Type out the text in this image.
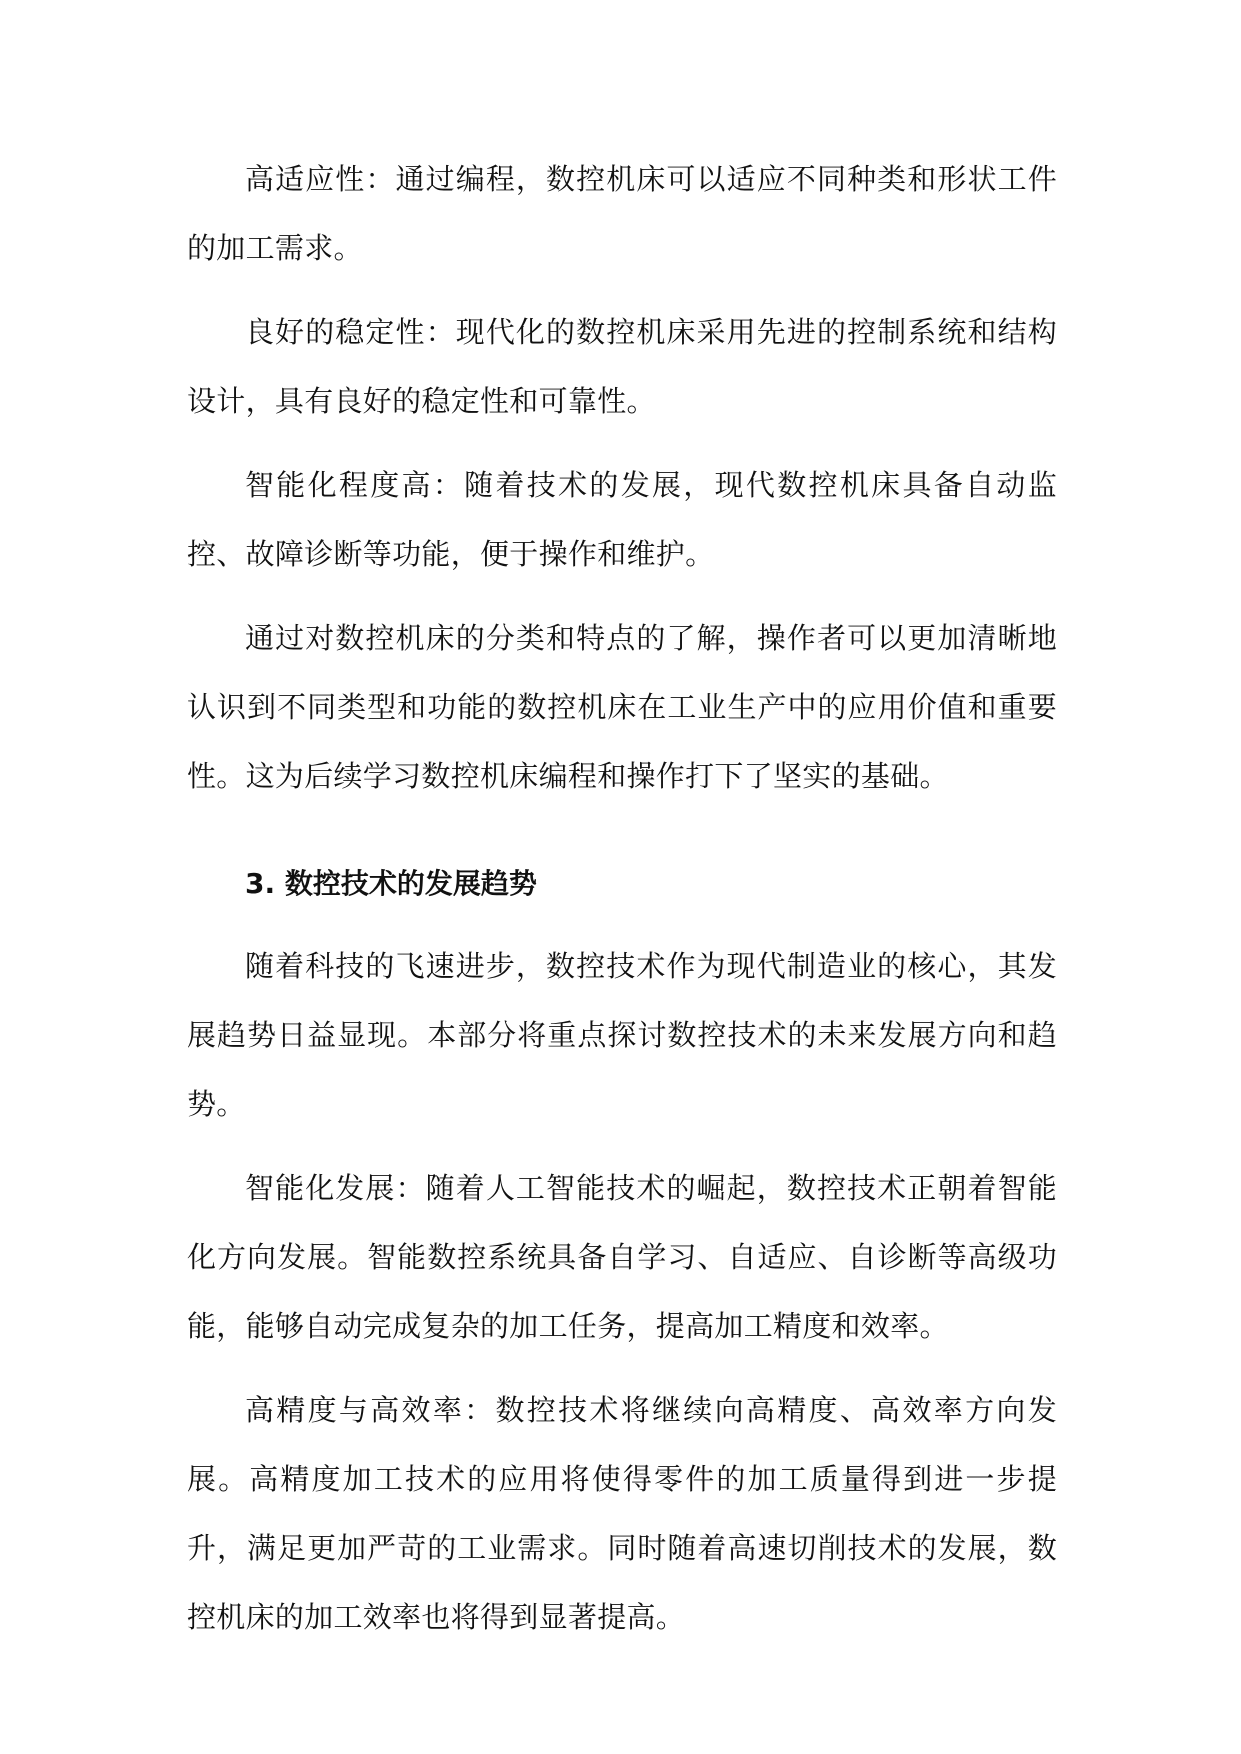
高适应性：通过编程，数控机床可以适应不同种类和形状工件的加工需求。

良好的稳定性：现代化的数控机床采用先进的控制系统和结构设计，具有良好的稳定性和可靠性。

智能化程度高：随着技术的发展，现代数控机床具备自动监控、故障诊断等功能，便于操作和维护。

通过对数控机床的分类和特点的了解，操作者可以更加清晰地认识到不同类型和功能的数控机床在工业生产中的应用价值和重要性。这为后续学习数控机床编程和操作打下了坚实的基础。

3. 数控技术的发展趋势

随着科技的飞速进步，数控技术作为现代制造业的核心，其发展趋势日益显现。本部分将重点探讨数控技术的未来发展方向和趋势。

智能化发展：随着人工智能技术的崛起，数控技术正朝着智能化方向发展。智能数控系统具备自学习、自适应、自诊断等高级功能，能够自动完成复杂的加工任务，提高加工精度和效率。

高精度与高效率：数控技术将继续向高精度、高效率方向发展。高精度加工技术的应用将使得零件的加工质量得到进一步提升，满足更加严苛的工业需求。同时随着高速切削技术的发展，数控机床的加工效率也将得到显著提高。
